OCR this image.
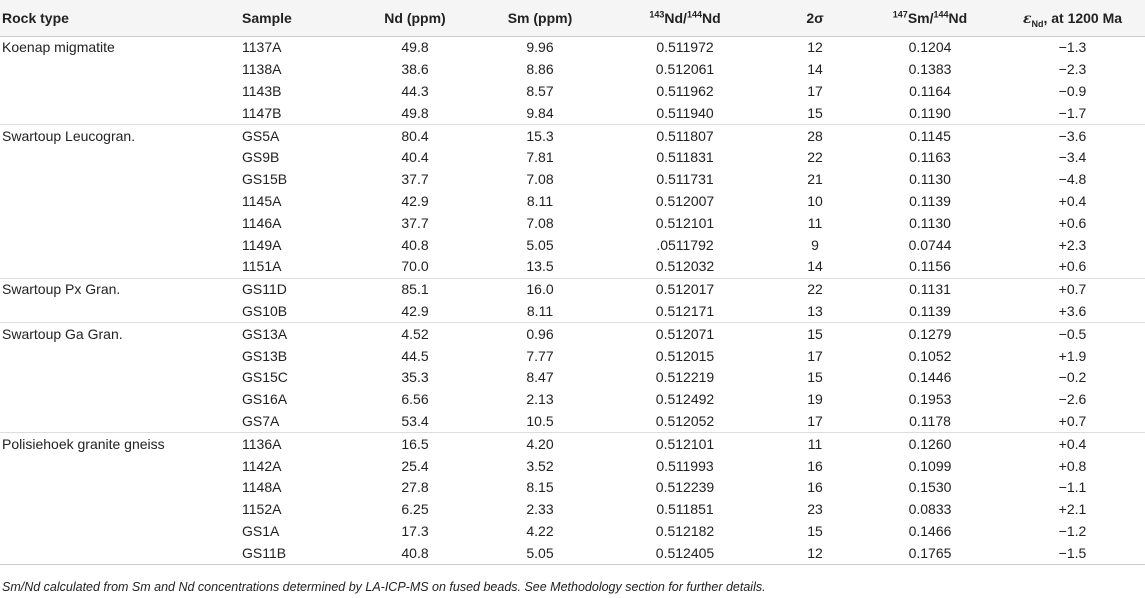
Rock type	Sample	Nd (ppm)	Sm (ppm)	$^{143}$Nd/$^{144}$Nd	2σ	$^{147}$Sm/$^{144}$Nd	$\varepsilon_{Nd}$, at 1200 Ma
Koenap migmatite	1137A	49.8	9.96	0.511972	12	0.1204	−1.3
	1138A	38.6	8.86	0.512061	14	0.1383	−2.3
	1143B	44.3	8.57	0.511962	17	0.1164	−0.9
	1147B	49.8	9.84	0.511940	15	0.1190	−1.7
Swartoup Leucogran.	GS5A	80.4	15.3	0.511807	28	0.1145	−3.6
	GS9B	40.4	7.81	0.511831	22	0.1163	−3.4
	GS15B	37.7	7.08	0.511731	21	0.1130	−4.8
	1145A	42.9	8.11	0.512007	10	0.1139	+0.4
	1146A	37.7	7.08	0.512101	11	0.1130	+0.6
	1149A	40.8	5.05	.0511792	9	0.0744	+2.3
	1151A	70.0	13.5	0.512032	14	0.1156	+0.6
Swartoup Px Gran.	GS11D	85.1	16.0	0.512017	22	0.1131	+0.7
	GS10B	42.9	8.11	0.512171	13	0.1139	+3.6
Swartoup Ga Gran.	GS13A	4.52	0.96	0.512071	15	0.1279	−0.5
	GS13B	44.5	7.77	0.512015	17	0.1052	+1.9
	GS15C	35.3	8.47	0.512219	15	0.1446	−0.2
	GS16A	6.56	2.13	0.512492	19	0.1953	−2.6
	GS7A	53.4	10.5	0.512052	17	0.1178	+0.7
Polisiehoek granite gneiss	1136A	16.5	4.20	0.512101	11	0.1260	+0.4
	1142A	25.4	3.52	0.511993	16	0.1099	+0.8
	1148A	27.8	8.15	0.512239	16	0.1530	−1.1
	1152A	6.25	2.33	0.511851	23	0.0833	+2.1
	GS1A	17.3	4.22	0.512182	15	0.1466	−1.2
	GS11B	40.8	5.05	0.512405	12	0.1765	−1.5
Sm/Nd calculated from Sm and Nd concentrations determined by LA-ICP-MS on fused beads. See Methodology section for further details.
